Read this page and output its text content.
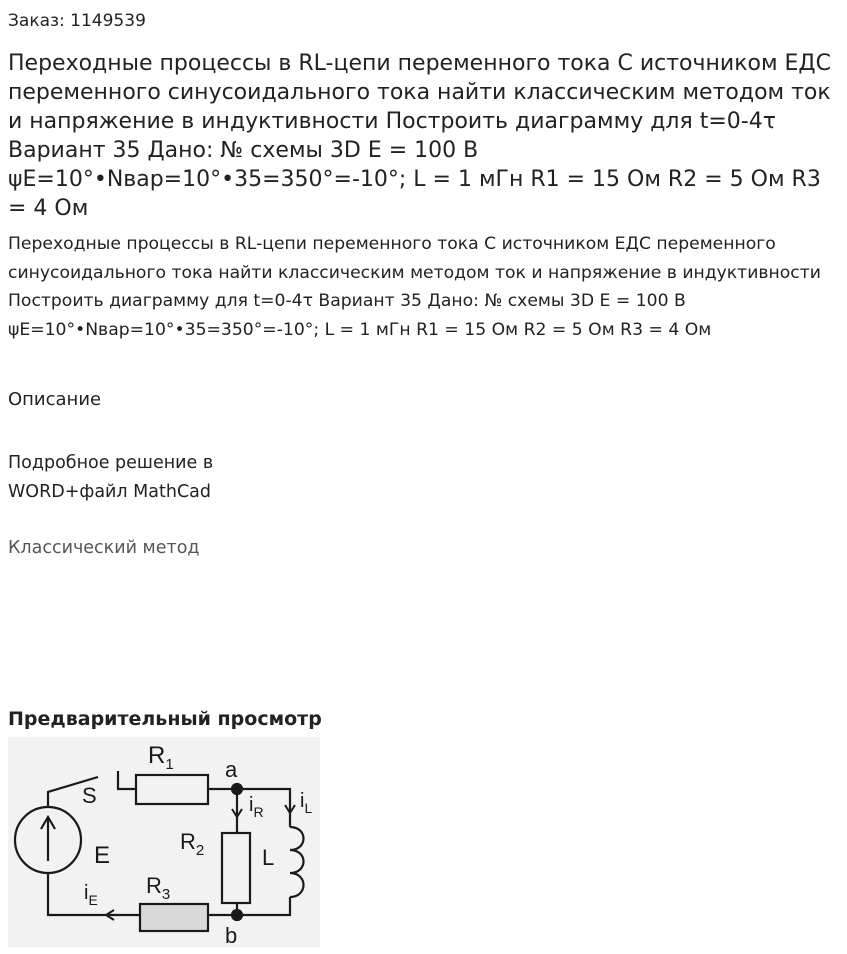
Заказ: 1149539
Переходные процессы в RL-цепи переменного тока С источником ЕДС переменного синусоидального тока найти классическим методом ток и напряжение в индуктивности Построить диаграмму для t=0-4τ Вариант 35 Дано: № схемы 3D E = 100 В ψE=10°•Nвар=10°•35=350°=-10°; L = 1 мГн R1 = 15 Ом R2 = 5 Ом R3 = 4 Ом

Переходные процессы в RL-цепи переменного тока С источником ЕДС переменного синусоидального тока найти классическим методом ток и напряжение в индуктивности Построить диаграмму для t=0-4τ Вариант 35 Дано: № схемы 3D E = 100 В ψE=10°•Nвар=10°•35=350°=-10°; L = 1 мГн R1 = 15 Ом R2 = 5 Ом R3 = 4 Ом

Описание
Подробное решение в WORD+файл MathCad
Классический метод
Предварительный просмотр
$R_1$
S
a
$i_R$ $i_L$
$R_2$	L
E
$R_3$
$i_E$
b
